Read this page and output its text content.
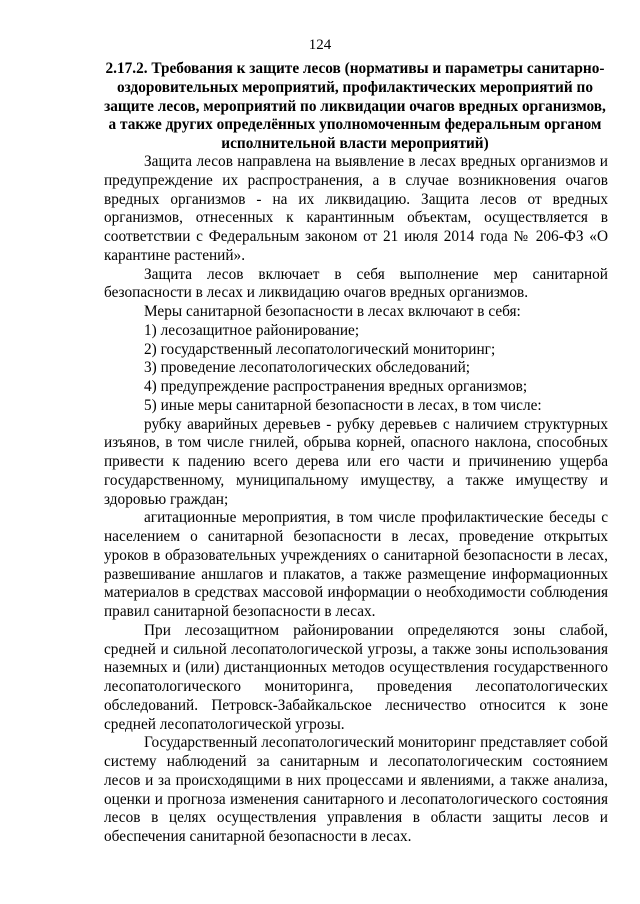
124
2.17.2. Требования к защите лесов (нормативы и параметры санитарно-оздоровительных мероприятий, профилактических мероприятий по защите лесов, мероприятий по ликвидации очагов вредных организмов, а также других определённых уполномоченным федеральным органом исполнительной власти мероприятий)

Защита лесов направлена на выявление в лесах вредных организмов и предупреждение их распространения, а в случае возникновения очагов вредных организмов - на их ликвидацию. Защита лесов от вредных организмов, отнесенных к карантинным объектам, осуществляется в соответствии с Федеральным законом от 21 июля 2014 года № 206-ФЗ «О карантине растений».

Защита лесов включает в себя выполнение мер санитарной безопасности в лесах и ликвидацию очагов вредных организмов.

Меры санитарной безопасности в лесах включают в себя:

1) лесозащитное районирование;

2) государственный лесопатологический мониторинг;

3) проведение лесопатологических обследований;

4) предупреждение распространения вредных организмов;

5) иные меры санитарной безопасности в лесах, в том числе:

рубку аварийных деревьев - рубку деревьев с наличием структурных изъянов, в том числе гнилей, обрыва корней, опасного наклона, способных привести к падению всего дерева или его части и причинению ущерба государственному, муниципальному имуществу, а также имуществу и здоровью граждан;

агитационные мероприятия, в том числе профилактические беседы с населением о санитарной безопасности в лесах, проведение открытых уроков в образовательных учреждениях о санитарной безопасности в лесах, развешивание аншлагов и плакатов, а также размещение информационных материалов в средствах массовой информации о необходимости соблюдения правил санитарной безопасности в лесах.

При лесозащитном районировании определяются зоны слабой, средней и сильной лесопатологической угрозы, а также зоны использования наземных и (или) дистанционных методов осуществления государственного лесопатологического мониторинга, проведения лесопатологических обследований. Петровск-Забайкальское лесничество относится к зоне средней лесопатологической угрозы.

Государственный лесопатологический мониторинг представляет собой систему наблюдений за санитарным и лесопатологическим состоянием лесов и за происходящими в них процессами и явлениями, а также анализа, оценки и прогноза изменения санитарного и лесопатологического состояния лесов в целях осуществления управления в области защиты лесов и обеспечения санитарной безопасности в лесах.
